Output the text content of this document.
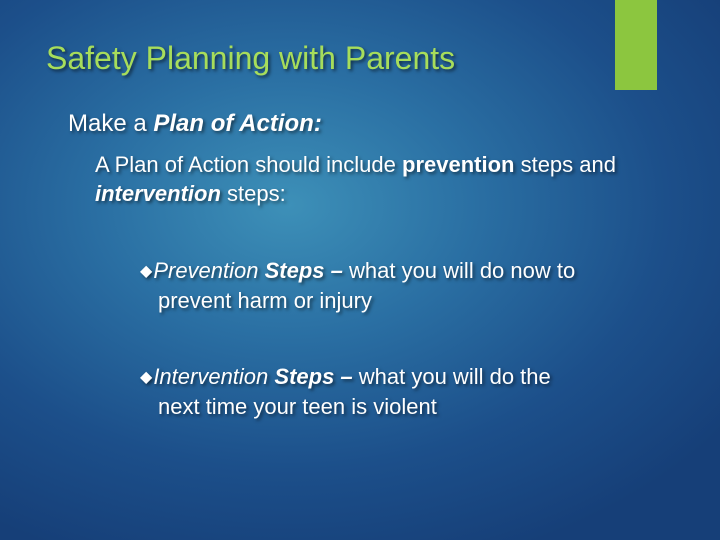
Safety Planning with Parents
Make a Plan of Action:
A Plan of Action should include prevention steps and intervention steps:
◆Prevention Steps – what you will do now to
prevent harm or injury
◆Intervention Steps – what you will do the
next time your teen is violent
